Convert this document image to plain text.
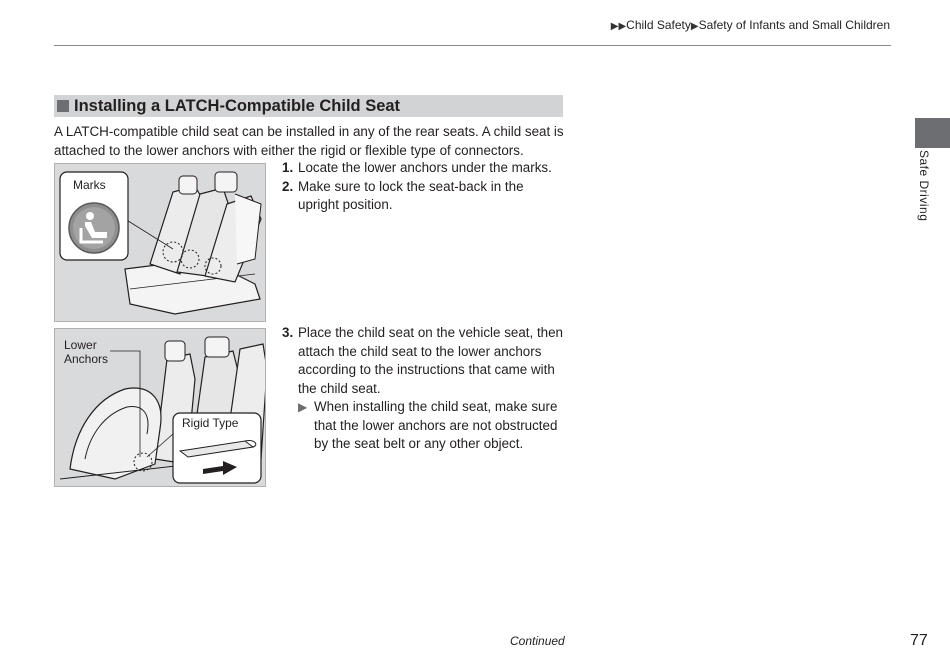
▶▶Child Safety▶Safety of Infants and Small Children
Safe Driving
Installing a LATCH-Compatible Child Seat
A LATCH-compatible child seat can be installed in any of the rear seats. A child seat is attached to the lower anchors with either the rigid or flexible type of connectors.
1. Locate the lower anchors under the marks.
2. Make sure to lock the seat-back in the upright position.
3. Place the child seat on the vehicle seat, then attach the child seat to the lower anchors according to the instructions that came with the child seat.
▶ When installing the child seat, make sure that the lower anchors are not obstructed by the seat belt or any other object.
Marks
Lower
Anchors
Rigid Type
Continued	77
